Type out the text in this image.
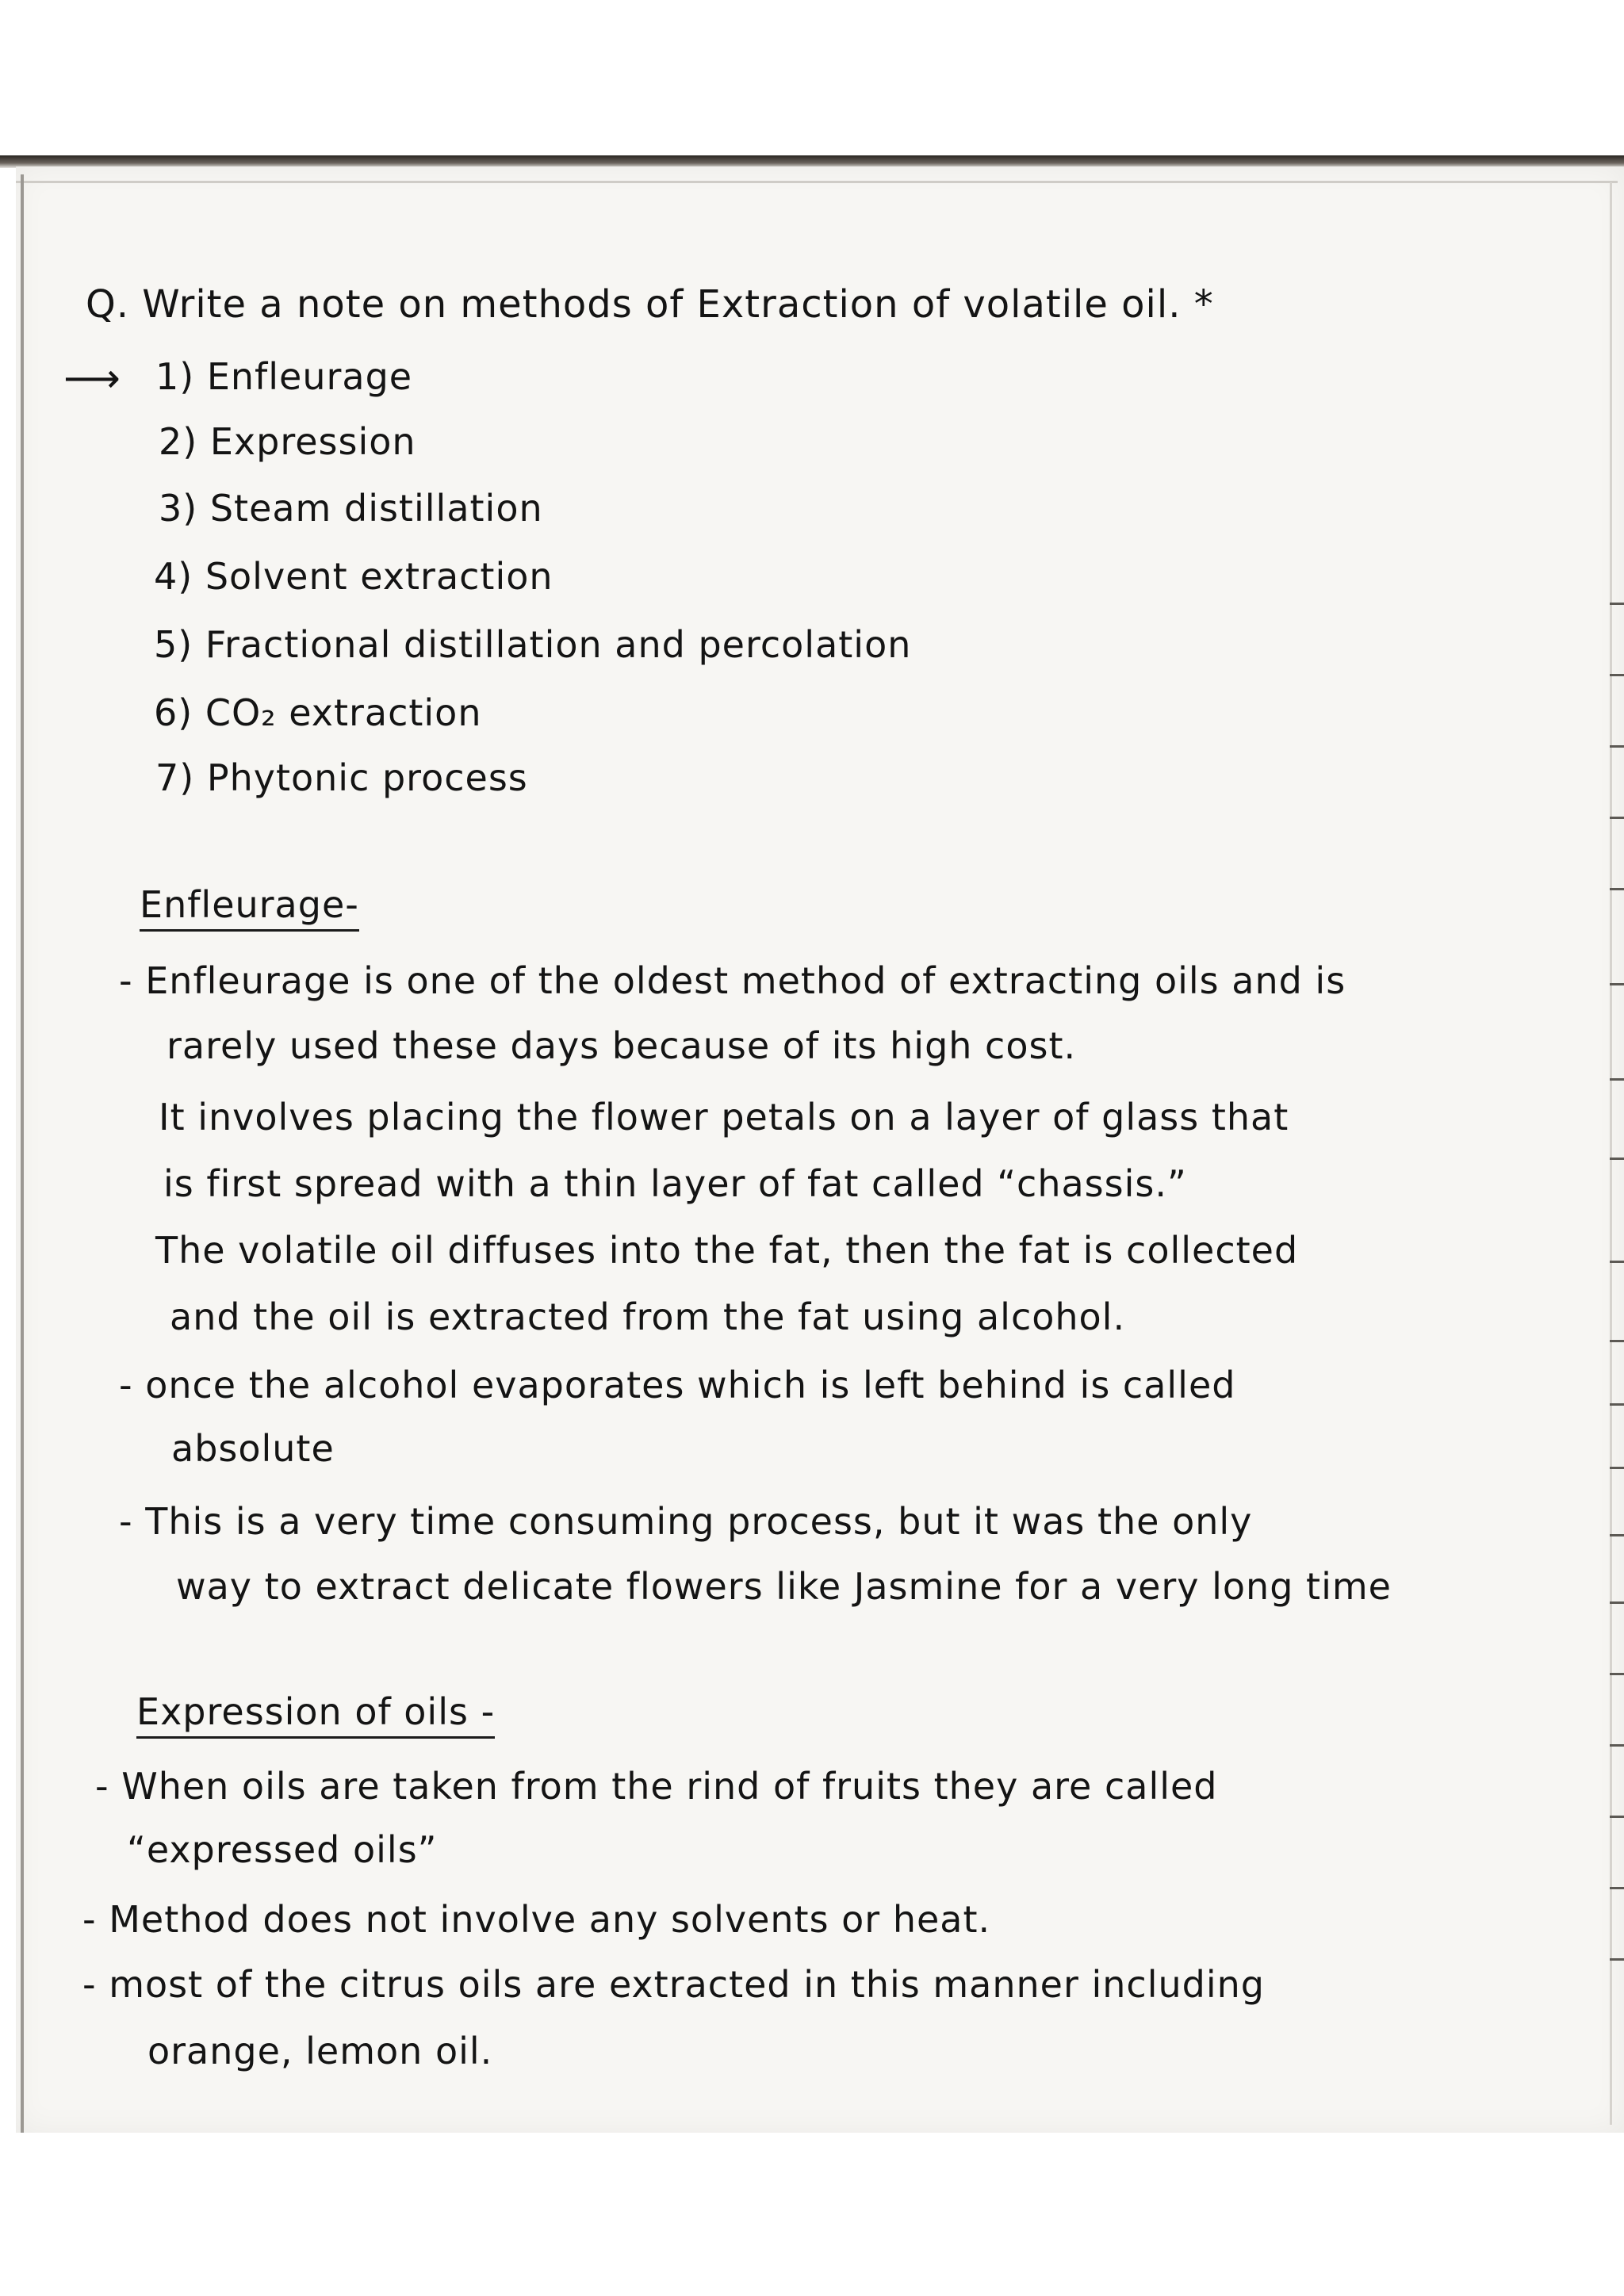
Q. Write a note on methods of Extraction of volatile oil. *
⟶ 1) Enfleurage
2) Expression
3) Steam distillation
4) Solvent extraction
5) Fractional distillation and percolation
6) CO₂ extraction
7) Phytonic process
Enfleurage-
- Enfleurage is one of the oldest method of extracting oils and is
rarely used these days because of its high cost.
It involves placing the flower petals on a layer of glass that
is first spread with a thin layer of fat called “chassis.”
The volatile oil diffuses into the fat, then the fat is collected
and the oil is extracted from the fat using alcohol.
- once the alcohol evaporates which is left behind is called
absolute
- This is a very time consuming process, but it was the only
way to extract delicate flowers like Jasmine for a very long time
Expression of oils -
- When oils are taken from the rind of fruits they are called
“expressed oils”
- Method does not involve any solvents or heat.
- most of the citrus oils are extracted in this manner including
orange, lemon oil.
